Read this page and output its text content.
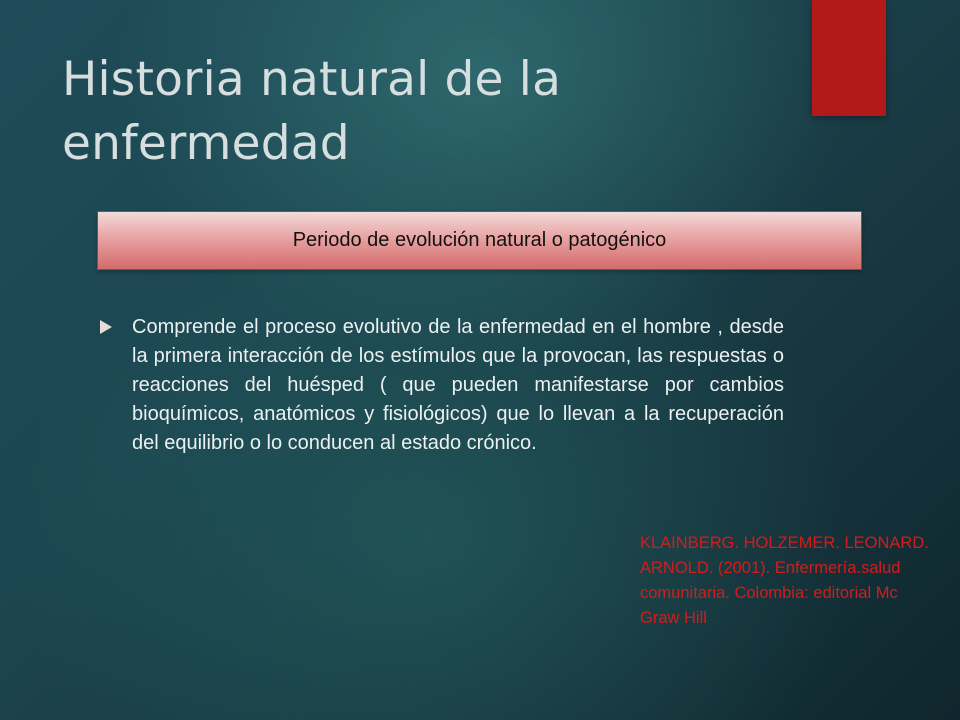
Historia natural de la enfermedad
Periodo de evolución natural o patogénico

Comprende el proceso evolutivo de la enfermedad en el hombre , desde la primera interacción de los estímulos que la provocan, las respuestas o reacciones del huésped ( que pueden manifestarse por cambios bioquímicos, anatómicos y fisiológicos) que lo llevan a la recuperación del equilibrio o lo conducen al estado crónico.

KLAINBERG. HOLZEMER. LEONARD. ARNOLD. (2001). Enfermería.salud comunitaria. Colombia: editorial Mc Graw Hill
